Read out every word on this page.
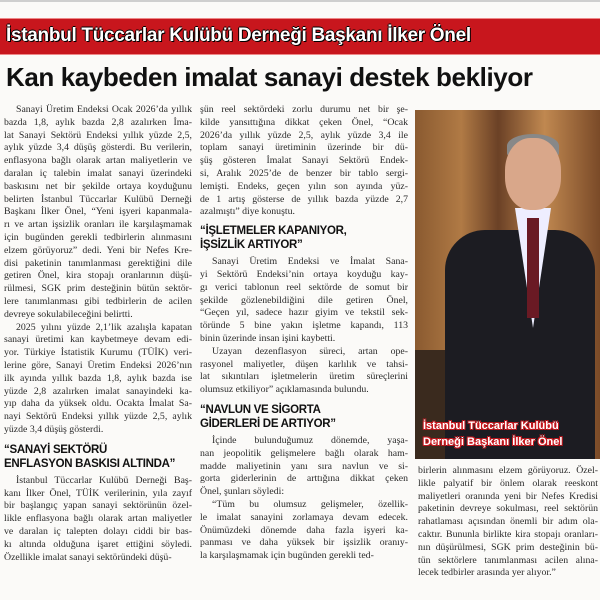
İstanbul Tüccarlar Kulübü Derneği Başkanı İlker Önel
Kan kaybeden imalat sanayi destek bekliyor
Sanayi Üretim Endeksi Ocak 2026’da yıllık
bazda 1,8, aylık bazda 2,8 azalırken İma-
lat Sanayi Sektörü Endeksi yıllık yüzde 2,5,
aylık yüzde 3,4 düşüş gösterdi. Bu verilerin,
enflasyona bağlı olarak artan maliyetlerin ve
daralan iç talebin imalat sanayi üzerindeki
baskısını net bir şekilde ortaya koyduğunu
belirten İstanbul Tüccarlar Kulübü Derneği
Başkanı İlker Önel, “Yeni işyeri kapanmala-
rı ve artan işsizlik oranları ile karşılaşmamak
için bugünden gerekli tedbirlerin alınmasını
elzem görüyoruz” dedi. Yeni bir Nefes Kre-
disi paketinin tanımlanması gerektiğini dile
getiren Önel, kira stopajı oranlarının düşü-
rülmesi, SGK prim desteğinin bütün sektör-
lere tanımlanması gibi tedbirlerin de acilen
devreye sokulabileceğini belirtti.
2025 yılını yüzde 2,1’lik azalışla kapatan
sanayi üretimi kan kaybetmeye devam edi-
yor. Türkiye İstatistik Kurumu (TÜİK) veri-
lerine göre, Sanayi Üretim Endeksi 2026’nın
ilk ayında yıllık bazda 1,8, aylık bazda ise
yüzde 2,8 azalırken imalat sanayindeki ka-
yıp daha da yüksek oldu. Ocakta İmalat Sa-
nayi Sektörü Endeksi yıllık yüzde 2,5, aylık
yüzde 3,4 düşüş gösterdi.
“SANAYİ SEKTÖRÜ
ENFLASYON BASKISI ALTINDA”
İstanbul Tüccarlar Kulübü Derneği Baş-
kanı İlker Önel, TÜİK verilerinin, yıla zayıf
bir başlangıç yapan sanayi sektörünün özel-
likle enflasyona bağlı olarak artan maliyetler
ve daralan iç talepten dolayı ciddi bir bas-
kı altında olduğuna işaret ettiğini söyledi.
Özellikle imalat sanayi sektöründeki düşü-
şün reel sektördeki zorlu durumu net bir şe-
kilde yansıttığına dikkat çeken Önel, “Ocak
2026’da yıllık yüzde 2,5, aylık yüzde 3,4 ile
toplam sanayi üretiminin üzerinde bir dü-
şüş gösteren İmalat Sanayi Sektörü Endek-
si, Aralık 2025’de de benzer bir tablo sergi-
lemişti. Endeks, geçen yılın son ayında yüz-
de 1 artış gösterse de yıllık bazda yüzde 2,7
azalmıştı” diye konuştu.
“İŞLETMELER KAPANIYOR,
İŞSİZLİK ARTIYOR”
Sanayi Üretim Endeksi ve İmalat Sana-
yi Sektörü Endeksi’nin ortaya koyduğu kay-
gı verici tablonun reel sektörde de somut bir
şekilde gözlenebildiğini dile getiren Önel,
“Geçen yıl, sadece hazır giyim ve tekstil sek-
töründe 5 bine yakın işletme kapandı, 113
binin üzerinde insan işini kaybetti.
Uzayan dezenflasyon süreci, artan ope-
rasyonel maliyetler, düşen karlılık ve tahsi-
lat sıkıntıları işletmelerin üretim süreçlerini
olumsuz etkiliyor” açıklamasında bulundu.
“NAVLUN VE SİGORTA
GİDERLERİ DE ARTIYOR”
İçinde bulunduğumuz dönemde, yaşa-
nan jeopolitik gelişmelere bağlı olarak ham-
madde maliyetinin yanı sıra navlun ve si-
gorta giderlerinin de arttığına dikkat çeken
Önel, şunları söyledi:
“Tüm bu olumsuz gelişmeler, özellik-
le imalat sanayini zorlamaya devam edecek.
Önümüzdeki dönemde daha fazla işyeri ka-
panması ve daha yüksek bir işsizlik oranıy-
la karşılaşmamak için bugünden gerekli ted-
İstanbul Tüccarlar Kulübü
Derneği Başkanı İlker Önel
birlerin alınmasını elzem görüyoruz. Özel-
likle palyatif bir önlem olarak reeskont
maliyetleri oranında yeni bir Nefes Kredisi
paketinin devreye sokulması, reel sektörün
rahatlaması açısından önemli bir adım ola-
caktır. Bununla birlikte kira stopajı oranları-
nın düşürülmesi, SGK prim desteğinin bü-
tün sektörlere tanımlanması acilen alına-
lecek tedbirler arasında yer alıyor.”
